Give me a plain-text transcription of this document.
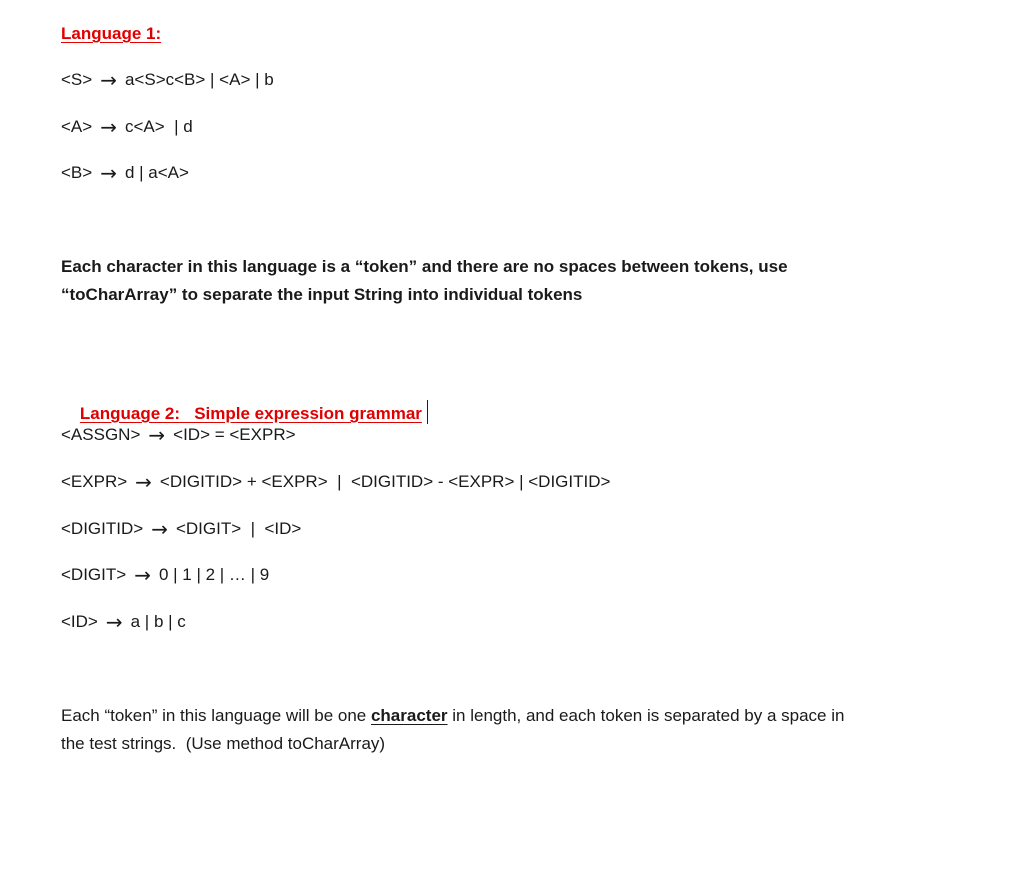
Language 1:
<S> → a<S>c<B> | <A> | b
<A> → c<A>  | d
<B> → d | a<A>
Each character in this language is a “token” and there are no spaces between tokens, use
“toCharArray” to separate the input String into individual tokens

Language 2:   Simple expression grammar

<ASSGN> → <ID> = <EXPR>
<EXPR> → <DIGITID> + <EXPR>  |  <DIGITID> - <EXPR> | <DIGITID>
<DIGITID> → <DIGIT>  |  <ID>
<DIGIT> → 0 | 1 | 2 | … | 9
<ID> → a | b | c
Each “token” in this language will be one character in length, and each token is separated by a space in
the test strings.  (Use method toCharArray)
